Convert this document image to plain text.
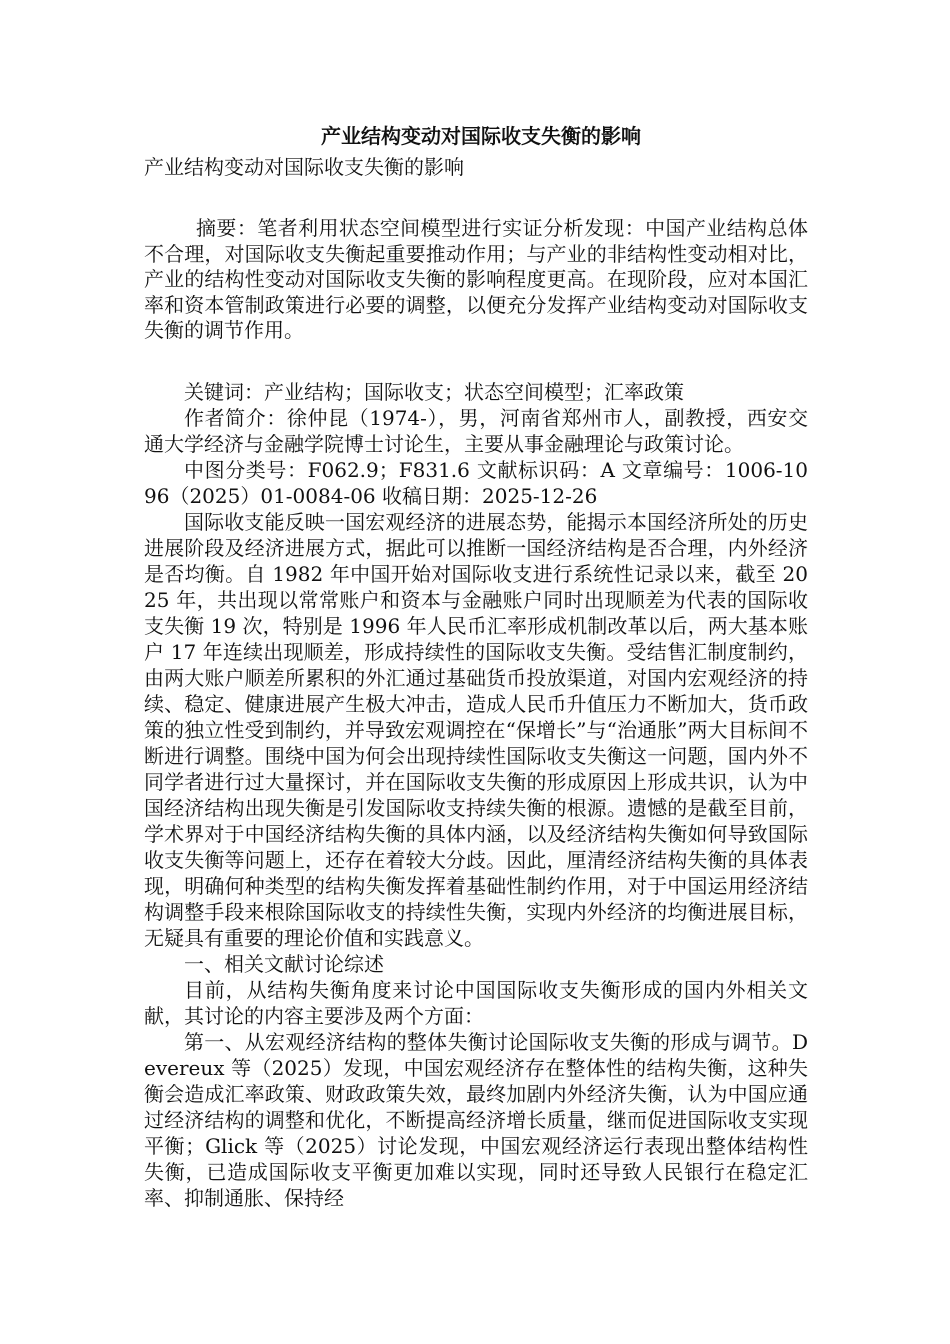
产业结构变动对国际收支失衡的影响
产业结构变动对国际收支失衡的影响

摘要：笔者利用状态空间模型进行实证分析发现：中国产业结构总体不合理，对国际收支失衡起重要推动作用；与产业的非结构性变动相对比，产业的结构性变动对国际收支失衡的影响程度更高。在现阶段，应对本国汇率和资本管制政策进行必要的调整，以便充分发挥产业结构变动对国际收支失衡的调节作用。

关键词：产业结构；国际收支；状态空间模型；汇率政策

作者简介：徐仲昆（1974-），男，河南省郑州市人，副教授，西安交通大学经济与金融学院博士讨论生，主要从事金融理论与政策讨论。

中图分类号：F062.9；F831.6 文献标识码：A 文章编号：1006-1096（2025）01-0084-06 收稿日期：2025-12-26

国际收支能反映一国宏观经济的进展态势，能揭示本国经济所处的历史进展阶段及经济进展方式，据此可以推断一国经济结构是否合理，内外经济是否均衡。自 1982 年中国开始对国际收支进行系统性记录以来，截至 2025 年，共出现以常常账户和资本与金融账户同时出现顺差为代表的国际收支失衡 19 次，特别是 1996 年人民币汇率形成机制改革以后，两大基本账户 17 年连续出现顺差，形成持续性的国际收支失衡。受结售汇制度制约，由两大账户顺差所累积的外汇通过基础货币投放渠道，对国内宏观经济的持续、稳定、健康进展产生极大冲击，造成人民币升值压力不断加大，货币政策的独立性受到制约，并导致宏观调控在“保增长”与“治通胀”两大目标间不断进行调整。围绕中国为何会出现持续性国际收支失衡这一问题，国内外不同学者进行过大量探讨，并在国际收支失衡的形成原因上形成共识，认为中国经济结构出现失衡是引发国际收支持续失衡的根源。遗憾的是截至目前，学术界对于中国经济结构失衡的具体内涵，以及经济结构失衡如何导致国际收支失衡等问题上，还存在着较大分歧。因此，厘清经济结构失衡的具体表现，明确何种类型的结构失衡发挥着基础性制约作用，对于中国运用经济结构调整手段来根除国际收支的持续性失衡，实现内外经济的均衡进展目标，无疑具有重要的理论价值和实践意义。

一、相关文献讨论综述

目前，从结构失衡角度来讨论中国国际收支失衡形成的国内外相关文献，其讨论的内容主要涉及两个方面：

第一、从宏观经济结构的整体失衡讨论国际收支失衡的形成与调节。Devereux 等（2025）发现，中国宏观经济存在整体性的结构失衡，这种失衡会造成汇率政策、财政政策失效，最终加剧内外经济失衡，认为中国应通过经济结构的调整和优化，不断提高经济增长质量，继而促进国际收支实现平衡；Glick 等（2025）讨论发现，中国宏观经济运行表现出整体结构性失衡，已造成国际收支平衡更加难以实现，同时还导致人民银行在稳定汇率、抑制通胀、保持经
